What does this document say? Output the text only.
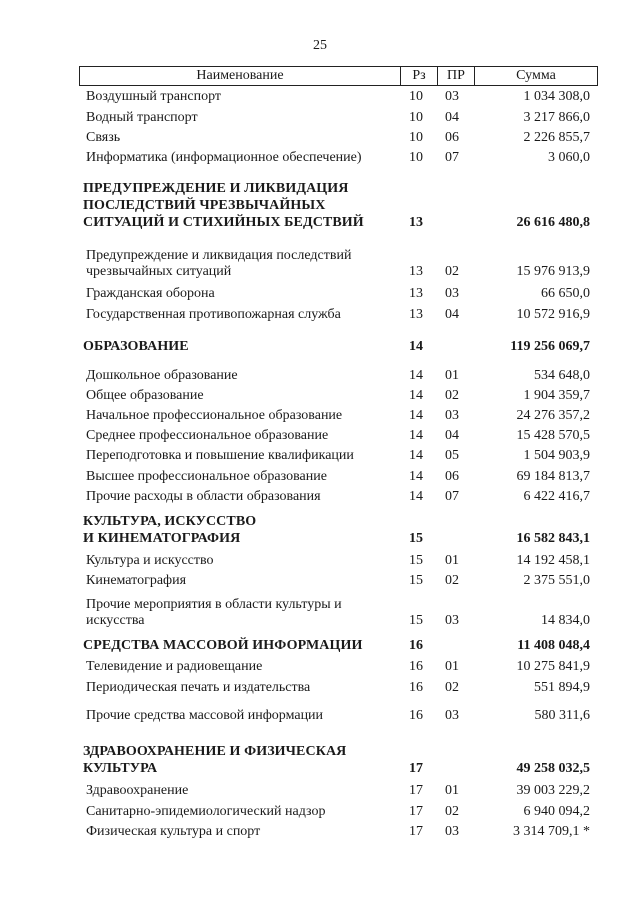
25
Наименование	Рз	ПР	Сумма
Воздушный транспорт	10	03	1 034 308,0
Водный транспорт	10	04	3 217 866,0
Связь	10	06	2 226 855,7
Информатика (информационное обеспечение)	10	07	3 060,0
ПРЕДУПРЕЖДЕНИЕ И ЛИКВИДАЦИЯ
ПОСЛЕДСТВИЙ ЧРЕЗВЫЧАЙНЫХ
СИТУАЦИЙ И СТИХИЙНЫХ БЕДСТВИЙ	13	26 616 480,8
Предупреждение и ликвидация последствий
чрезвычайных ситуаций	13	02	15 976 913,9
Гражданская оборона	13	03	66 650,0
Государственная противопожарная служба	13	04	10 572 916,9
ОБРАЗОВАНИЕ	14	119 256 069,7
Дошкольное образование	14	01	534 648,0
Общее образование	14	02	1 904 359,7
Начальное профессиональное образование	14	03	24 276 357,2
Среднее профессиональное образование	14	04	15 428 570,5
Переподготовка и повышение квалификации	14	05	1 504 903,9
Высшее профессиональное образование	14	06	69 184 813,7
Прочие расходы в области образования	14	07	6 422 416,7
КУЛЬТУРА, ИСКУССТВО
И КИНЕМАТОГРАФИЯ	15	16 582 843,1
Культура и искусство	15	01	14 192 458,1
Кинематография	15	02	2 375 551,0
Прочие мероприятия в области культуры и
искусства	15	03	14 834,0
СРЕДСТВА МАССОВОЙ ИНФОРМАЦИИ	16	11 408 048,4
Телевидение и радиовещание	16	01	10 275 841,9
Периодическая печать и издательства	16	02	551 894,9
Прочие средства массовой информации	16	03	580 311,6
ЗДРАВООХРАНЕНИЕ И ФИЗИЧЕСКАЯ
КУЛЬТУРА	17	49 258 032,5
Здравоохранение	17	01	39 003 229,2
Санитарно-эпидемиологический надзор	17	02	6 940 094,2
Физическая культура и спорт	17	03	3 314 709,1 *
